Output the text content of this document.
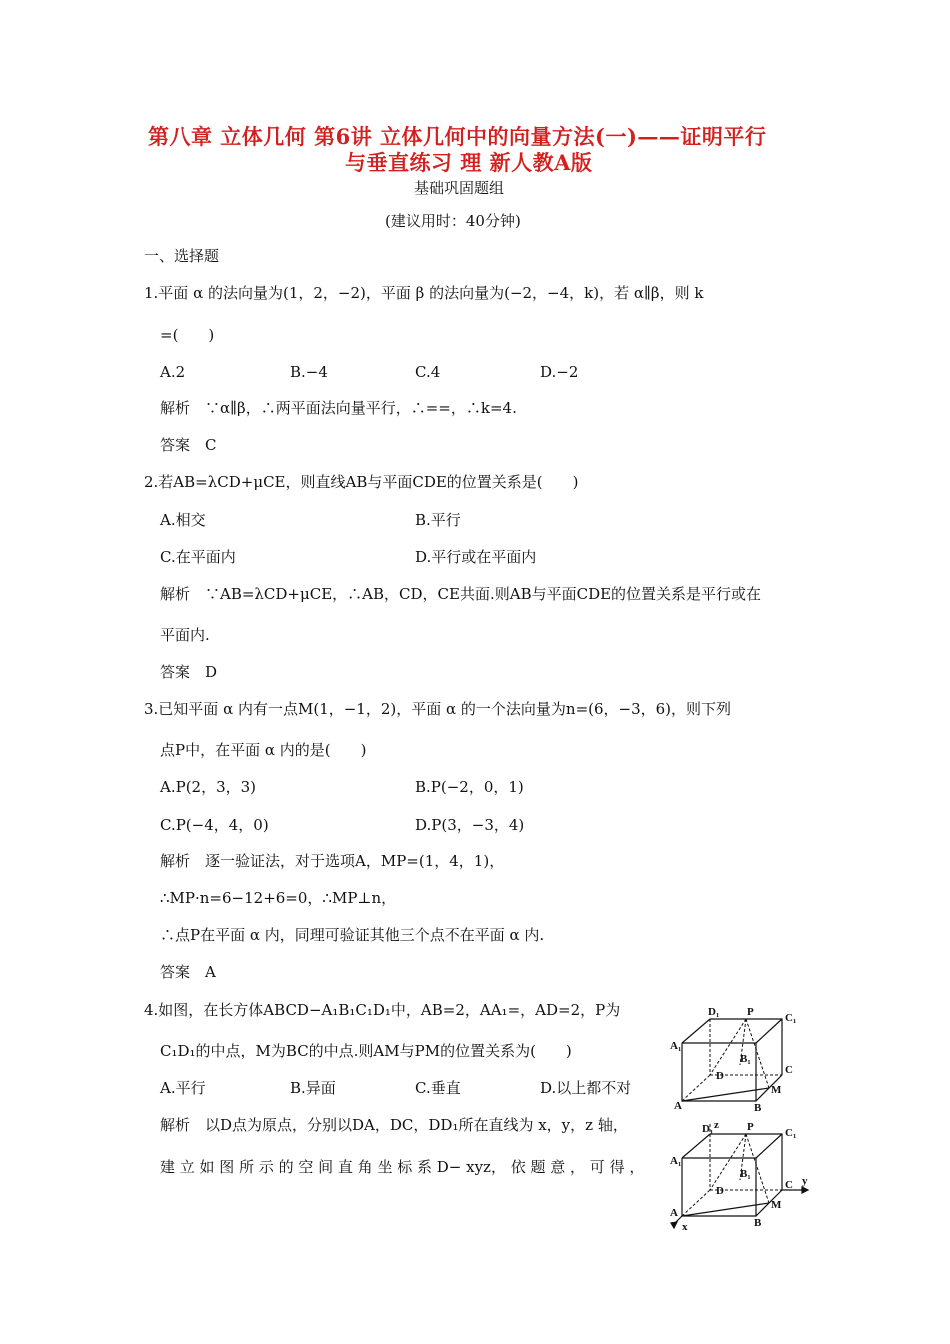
第八章 立体几何 第6讲 立体几何中的向量方法(一)——证明平行
与垂直练习 理 新人教A版
基础巩固题组
(建议用时：40分钟)
一、选择题
1.平面 α 的法向量为(1，2，−2)，平面 β 的法向量为(−2，−4，k)，若 α∥β，则 k
=(　　)
A.2	B.−4	C.4	D.−2
解析　∵α∥β，∴两平面法向量平行，∴==，∴k=4.
答案　C
2.若AB=λCD+μCE，则直线AB与平面CDE的位置关系是(　　)
A.相交	B.平行
C.在平面内	D.平行或在平面内
解析　∵AB=λCD+μCE，∴AB，CD，CE共面.则AB与平面CDE的位置关系是平行或在
平面内.
答案　D
3.已知平面 α 内有一点M(1，−1，2)，平面 α 的一个法向量为n=(6，−3，6)，则下列
点P中，在平面 α 内的是(　　)
A.P(2，3，3)	B.P(−2，0，1)
C.P(−4，4，0)	D.P(3，−3，4)
解析　逐一验证法，对于选项A，MP=(1，4，1)，
∴MP·n=6−12+6=0，∴MP⊥n，
∴点P在平面 α 内，同理可验证其他三个点不在平面 α 内.
答案　A
4.如图，在长方体ABCD−A₁B₁C₁D₁中，AB=2，AA₁=，AD=2，P为
C₁D₁的中点，M为BC的中点.则AM与PM的位置关系为(　　)
A.平行	B.异面	C.垂直	D.以上都不对
解析　以D点为原点，分别以DA，DC，DD₁所在直线为 x，y，z 轴，
建 立 如 图 所 示 的 空 间 直 角 坐 标 系 D− xyz， 依 题 意 ， 可 得 ，
D₁	P	C₁
A₁
B₁
C
D
M
A	B
D₁ z	P	C₁
A₁
B₁
y
C
D
M
A
B
x
